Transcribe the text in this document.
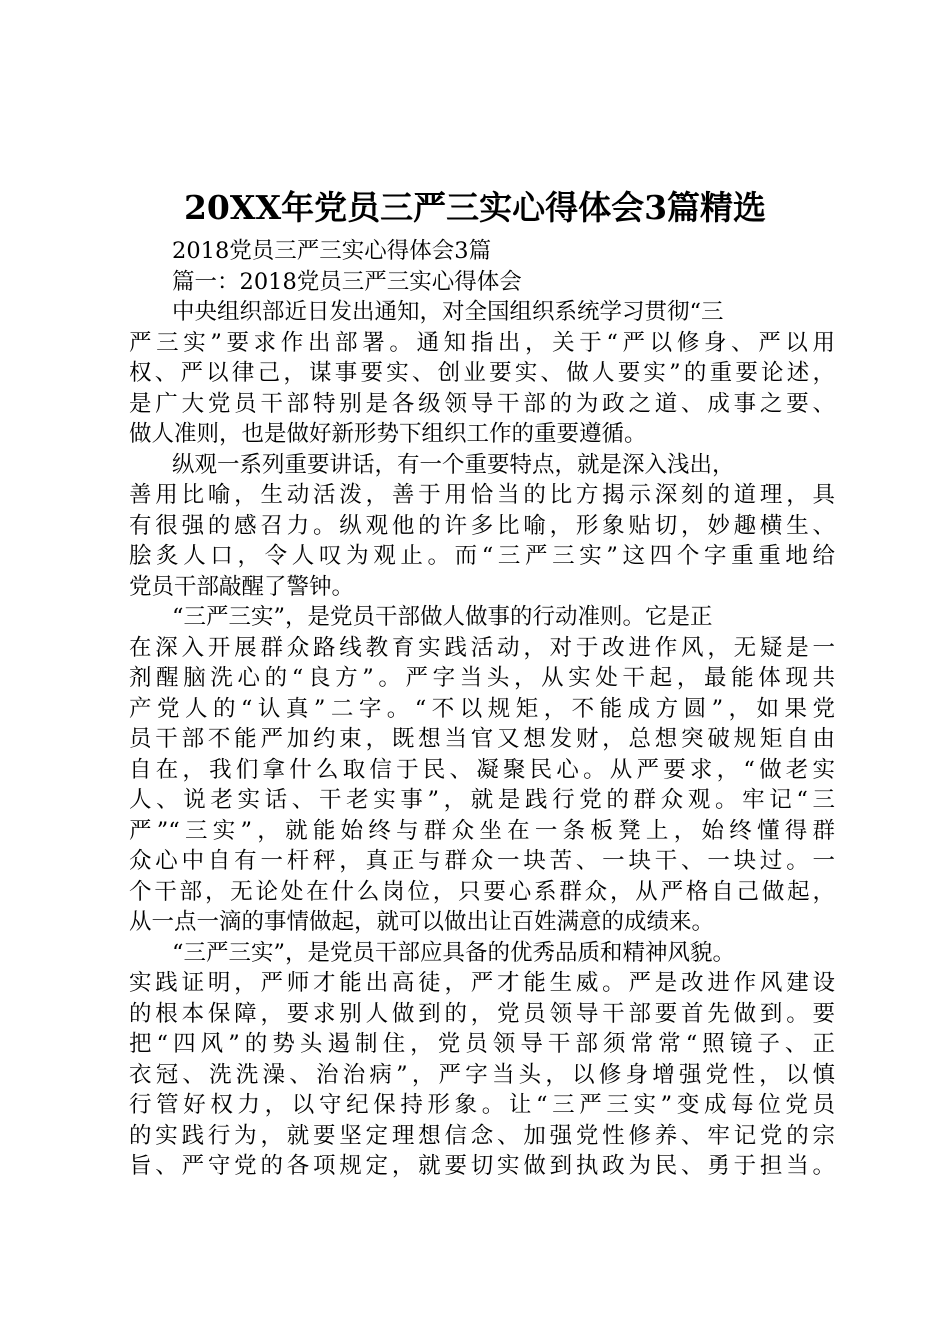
20XX年党员三严三实心得体会3篇精选
2018党员三严三实心得体会3篇
篇一：2018党员三严三实心得体会
中央组织部近日发出通知，对全国组织系统学习贯彻“三
严三实”要求作出部署。通知指出，关于“严以修身、严以用
权、严以律己，谋事要实、创业要实、做人要实”的重要论述，
是广大党员干部特别是各级领导干部的为政之道、成事之要、
做人准则，也是做好新形势下组织工作的重要遵循。
纵观一系列重要讲话，有一个重要特点，就是深入浅出，
善用比喻，生动活泼，善于用恰当的比方揭示深刻的道理，具
有很强的感召力。纵观他的许多比喻，形象贴切，妙趣横生、
脍炙人口，令人叹为观止。而“三严三实”这四个字重重地给
党员干部敲醒了警钟。
“三严三实”，是党员干部做人做事的行动准则。它是正
在深入开展群众路线教育实践活动，对于改进作风，无疑是一
剂醒脑洗心的“良方”。严字当头，从实处干起，最能体现共
产党人的“认真”二字。“不以规矩，不能成方圆”，如果党
员干部不能严加约束，既想当官又想发财，总想突破规矩自由
自在，我们拿什么取信于民、凝聚民心。从严要求，“做老实
人、说老实话、干老实事”，就是践行党的群众观。牢记“三
严”“三实”，就能始终与群众坐在一条板凳上，始终懂得群
众心中自有一杆秤，真正与群众一块苦、一块干、一块过。一
个干部，无论处在什么岗位，只要心系群众，从严格自己做起，
从一点一滴的事情做起，就可以做出让百姓满意的成绩来。
“三严三实”，是党员干部应具备的优秀品质和精神风貌。
实践证明，严师才能出高徒，严才能生威。严是改进作风建设
的根本保障，要求别人做到的，党员领导干部要首先做到。要
把“四风”的势头遏制住，党员领导干部须常常“照镜子、正
衣冠、洗洗澡、治治病”，严字当头，以修身增强党性，以慎
行管好权力，以守纪保持形象。让“三严三实”变成每位党员
的实践行为，就要坚定理想信念、加强党性修养、牢记党的宗
旨、严守党的各项规定，就要切实做到执政为民、勇于担当。
